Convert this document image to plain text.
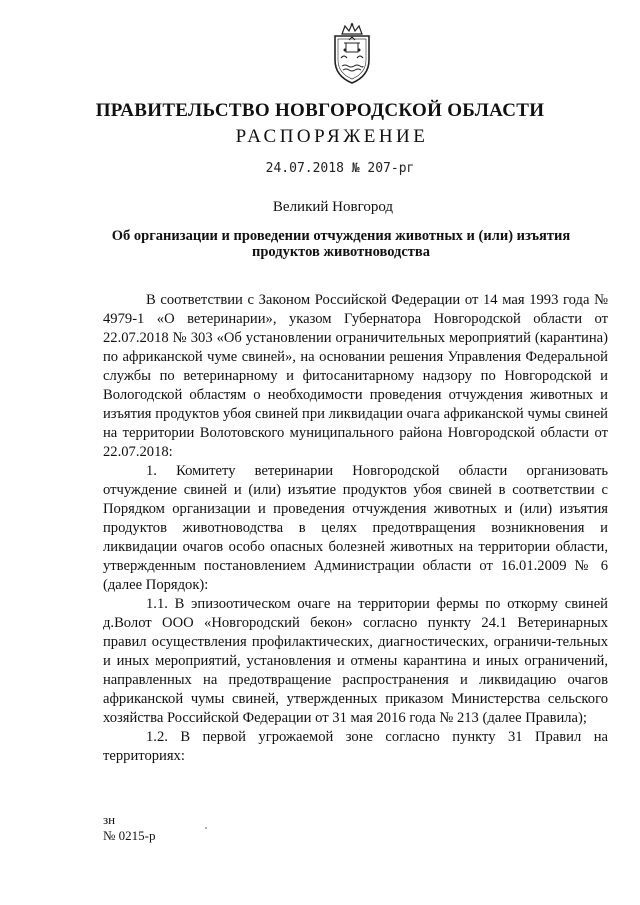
ПРАВИТЕЛЬСТВО НОВГОРОДСКОЙ ОБЛАСТИ
РАСПОРЯЖЕНИЕ
24.07.2018 № 207-рг
Великий Новгород
Об организации и проведении отчуждения животных и (или) изъятия продуктов животноводства

В соответствии с Законом Российской Федерации от 14 мая 1993 года № 4979-1 «О ветеринарии», указом Губернатора Новгородской области от 22.07.2018 № 303 «Об установлении ограничительных мероприятий (карантина) по африканской чуме свиней», на основании решения Управления Федеральной службы по ветеринарному и фитосанитарному надзору по Новгородской и Вологодской областям о необходимости проведения отчуждения животных и изъятия продуктов убоя свиней при ликвидации очага африканской чумы свиней на территории Волотовского муниципального района Новгородской области от 22.07.2018:

1. Комитету ветеринарии Новгородской области организовать отчуждение свиней и (или) изъятие продуктов убоя свиней в соответствии с Порядком организации и проведения отчуждения животных и (или) изъятия продуктов животноводства в целях предотвращения возникновения и ликвидации очагов особо опасных болезней животных на территории области, утвержденным постановлением Администрации области от 16.01.2009 № 6 (далее Порядок):

1.1. В эпизоотическом очаге на территории фермы по откорму свиней д.Волот ООО «Новгородский бекон» согласно пункту 24.1 Ветеринарных правил осуществления профилактических, диагностических, ограничи-тельных и иных мероприятий, установления и отмены карантина и иных ограничений, направленных на предотвращение распространения и ликвидацию очагов африканской чумы свиней, утвержденных приказом Министерства сельского хозяйства Российской Федерации от 31 мая 2016 года № 213 (далее Правила);

1.2. В первой угрожаемой зоне согласно пункту 31 Правил на территориях:

зн
№ 0215-р
